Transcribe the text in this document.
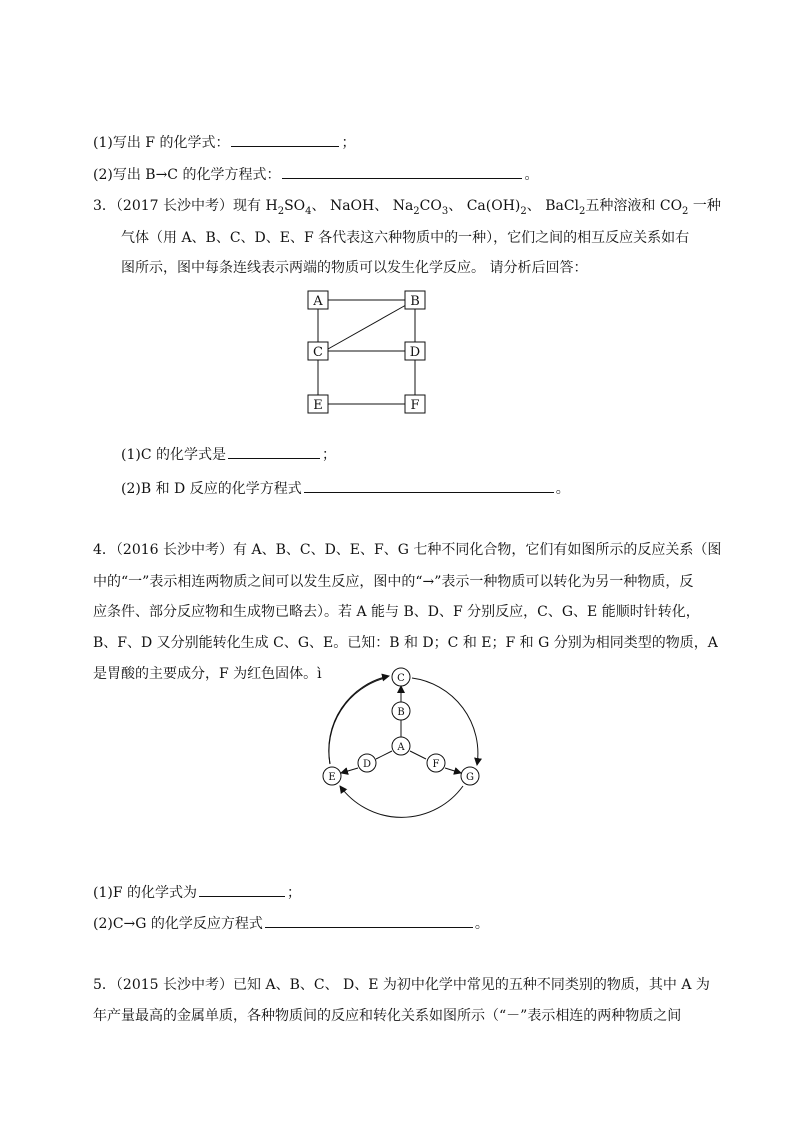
(1)写出 F 的化学式：	；
(2)写出 B→C 的化学方程式：	。
3．（2017 长沙中考）现有 $H_2SO_4$、 NaOH、 $Na_2CO_3$、 $Ca(OH)_2$、 BaCl$_2$五种溶液和 $CO_2$ 一种
气体（用 A、B、C、D、E、F 各代表这六种物质中的一种），它们之间的相互反应关系如右
图所示，图中每条连线表示两端的物质可以发生化学反应。 请分析后回答：
A	B
C	D
E	F
(1)C 的化学式是	；
(2)B 和 D 反应的化学方程式	。
4．（2016 长沙中考）有 A、B、C、D、E、F、G 七种不同化合物，它们有如图所示的反应关系（图
中的“一”表示相连两物质之间可以发生反应，图中的“→”表示一种物质可以转化为另一种物质，反
应条件、部分反应物和生成物已略去）。若 A 能与 B、D、F 分别反应，C、G、E 能顺时针转化，
B、F、D 又分别能转化生成 C、G、E。已知：B 和 D；C 和 E；F 和 G 分别为相同类型的物质，A
是胃酸的主要成分，F 为红色固体。ì
A
B
C
D
E
F
G
(1)F 的化学式为	；
(2)C→G 的化学反应方程式	。
5．（2015 长沙中考）已知 A、B、C、 D、E 为初中化学中常见的五种不同类别的物质，其中 A 为
年产量最高的金属单质，各种物质间的反应和转化关系如图所示（“－”表示相连的两种物质之间
